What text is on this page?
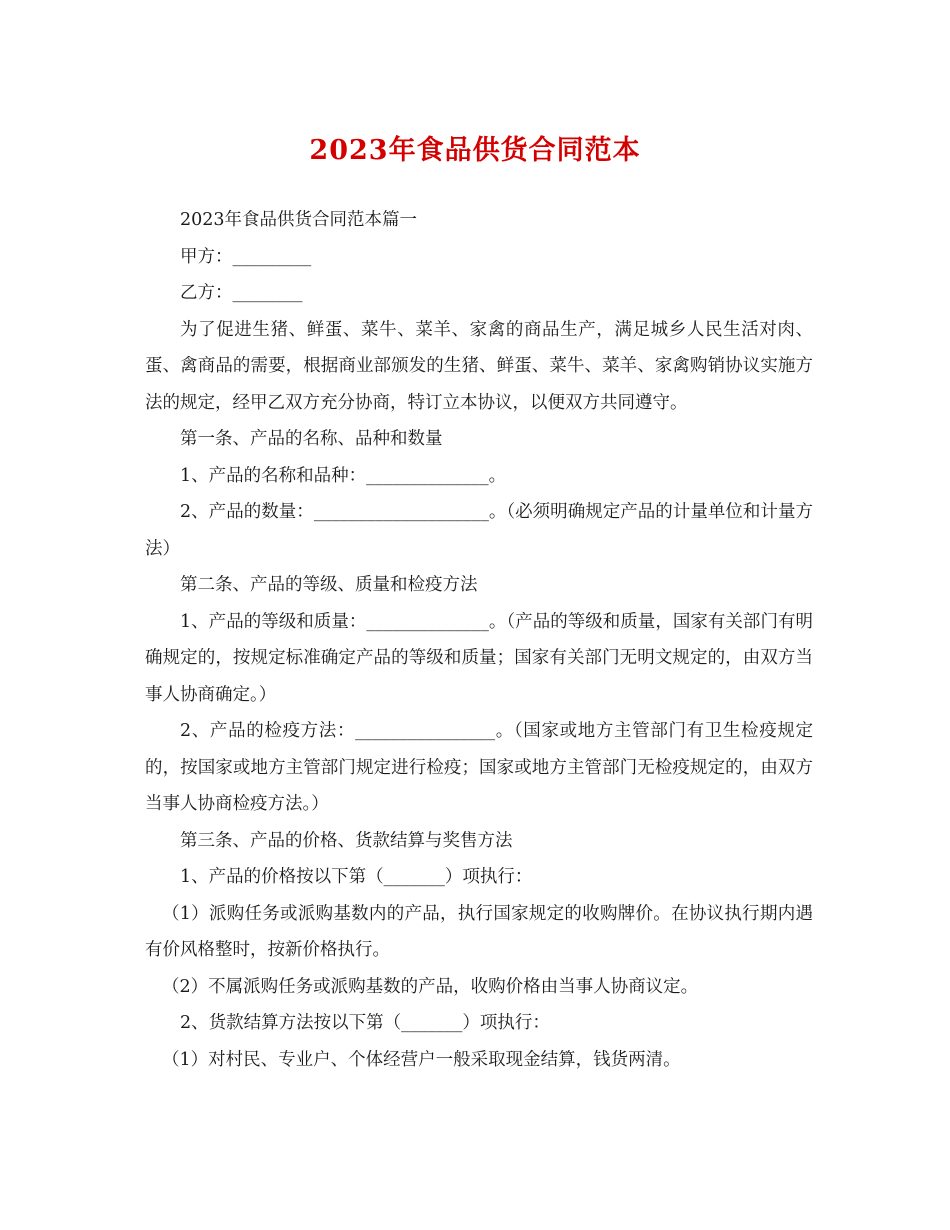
2023年食品供货合同范本

2023年食品供货合同范本篇一

甲方：_________

乙方：________

为了促进生猪、鲜蛋、菜牛、菜羊、家禽的商品生产，满足城乡人民生活对肉、蛋、禽商品的需要，根据商业部颁发的生猪、鲜蛋、菜牛、菜羊、家禽购销协议实施方法的规定，经甲乙双方充分协商，特订立本协议，以便双方共同遵守。

第一条、产品的名称、品种和数量

1、产品的名称和品种：______________。

2、产品的数量：____________________。（必须明确规定产品的计量单位和计量方法）

第二条、产品的等级、质量和检疫方法

1、产品的等级和质量：______________。（产品的等级和质量，国家有关部门有明确规定的，按规定标准确定产品的等级和质量；国家有关部门无明文规定的，由双方当事人协商确定。）

2、产品的检疫方法：________________。（国家或地方主管部门有卫生检疫规定的，按国家或地方主管部门规定进行检疫；国家或地方主管部门无检疫规定的，由双方当事人协商检疫方法。）

第三条、产品的价格、货款结算与奖售方法

1、产品的价格按以下第（_______）项执行：

（1）派购任务或派购基数内的产品，执行国家规定的收购牌价。在协议执行期内遇有价风格整时，按新价格执行。

（2）不属派购任务或派购基数的产品，收购价格由当事人协商议定。

2、货款结算方法按以下第（_______）项执行：

（1）对村民、专业户、个体经营户一般采取现金结算，钱货两清。
